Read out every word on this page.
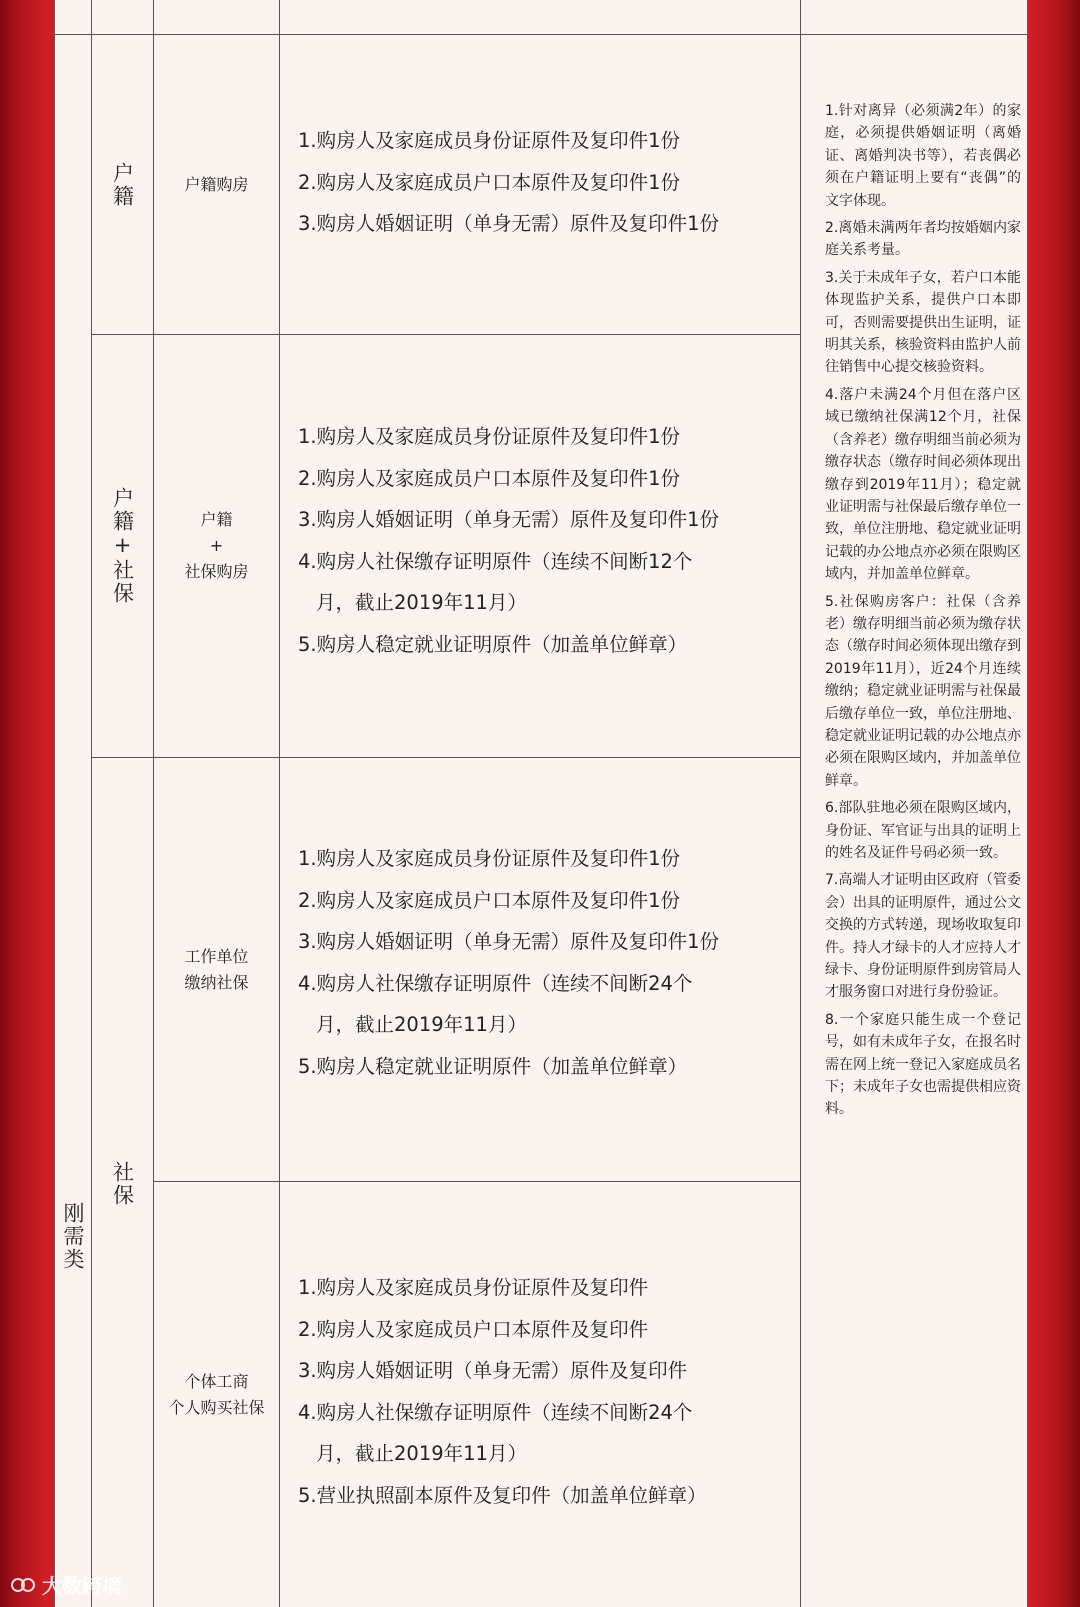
刚需类
户籍
户籍+社保
社保
户籍购房
户籍
+
社保购房
工作单位
缴纳社保
个体工商
个人购买社保
1.购房人及家庭成员身份证原件及复印件1份
2.购房人及家庭成员户口本原件及复印件1份
3.购房人婚姻证明（单身无需）原件及复印件1份
1.购房人及家庭成员身份证原件及复印件1份
2.购房人及家庭成员户口本原件及复印件1份
3.购房人婚姻证明（单身无需）原件及复印件1份
4.购房人社保缴存证明原件（连续不间断12个
月，截止2019年11月）
5.购房人稳定就业证明原件（加盖单位鲜章）
1.购房人及家庭成员身份证原件及复印件1份
2.购房人及家庭成员户口本原件及复印件1份
3.购房人婚姻证明（单身无需）原件及复印件1份
4.购房人社保缴存证明原件（连续不间断24个
月，截止2019年11月）
5.购房人稳定就业证明原件（加盖单位鲜章）
1.购房人及家庭成员身份证原件及复印件
2.购房人及家庭成员户口本原件及复印件
3.购房人婚姻证明（单身无需）原件及复印件
4.购房人社保缴存证明原件（连续不间断24个
月，截止2019年11月）
5.营业执照副本原件及复印件（加盖单位鲜章）

1.针对离异（必须满2年）的家庭，必须提供婚姻证明（离婚证、离婚判决书等），若丧偶必须在户籍证明上要有“丧偶”的文字体现。

2.离婚未满两年者均按婚姻内家庭关系考量。

3.关于未成年子女，若户口本能体现监护关系，提供户口本即可，否则需要提供出生证明，证明其关系，核验资料由监护人前往销售中心提交核验资料。

4.落户未满24个月但在落户区域已缴纳社保满12个月，社保（含养老）缴存明细当前必须为缴存状态（缴存时间必须体现出缴存到2019年11月）；稳定就业证明需与社保最后缴存单位一致，单位注册地、稳定就业证明记载的办公地点亦必须在限购区域内，并加盖单位鲜章。

5.社保购房客户：社保（含养老）缴存明细当前必须为缴存状态（缴存时间必须体现出缴存到2019年11月），近24个月连续缴纳；稳定就业证明需与社保最后缴存单位一致，单位注册地、稳定就业证明记载的办公地点亦必须在限购区域内，并加盖单位鲜章。

6.部队驻地必须在限购区域内，身份证、军官证与出具的证明上的姓名及证件号码必须一致。

7.高端人才证明由区政府（管委会）出具的证明原件，通过公文交换的方式转递，现场收取复印件。持人才绿卡的人才应持人才绿卡、身份证明原件到房管局人才服务窗口对进行身份验证。

8.一个家庭只能生成一个登记号，如有未成年子女，在报名时需在网上统一登记入家庭成员名下；未成年子女也需提供相应资料。

大数跨境
